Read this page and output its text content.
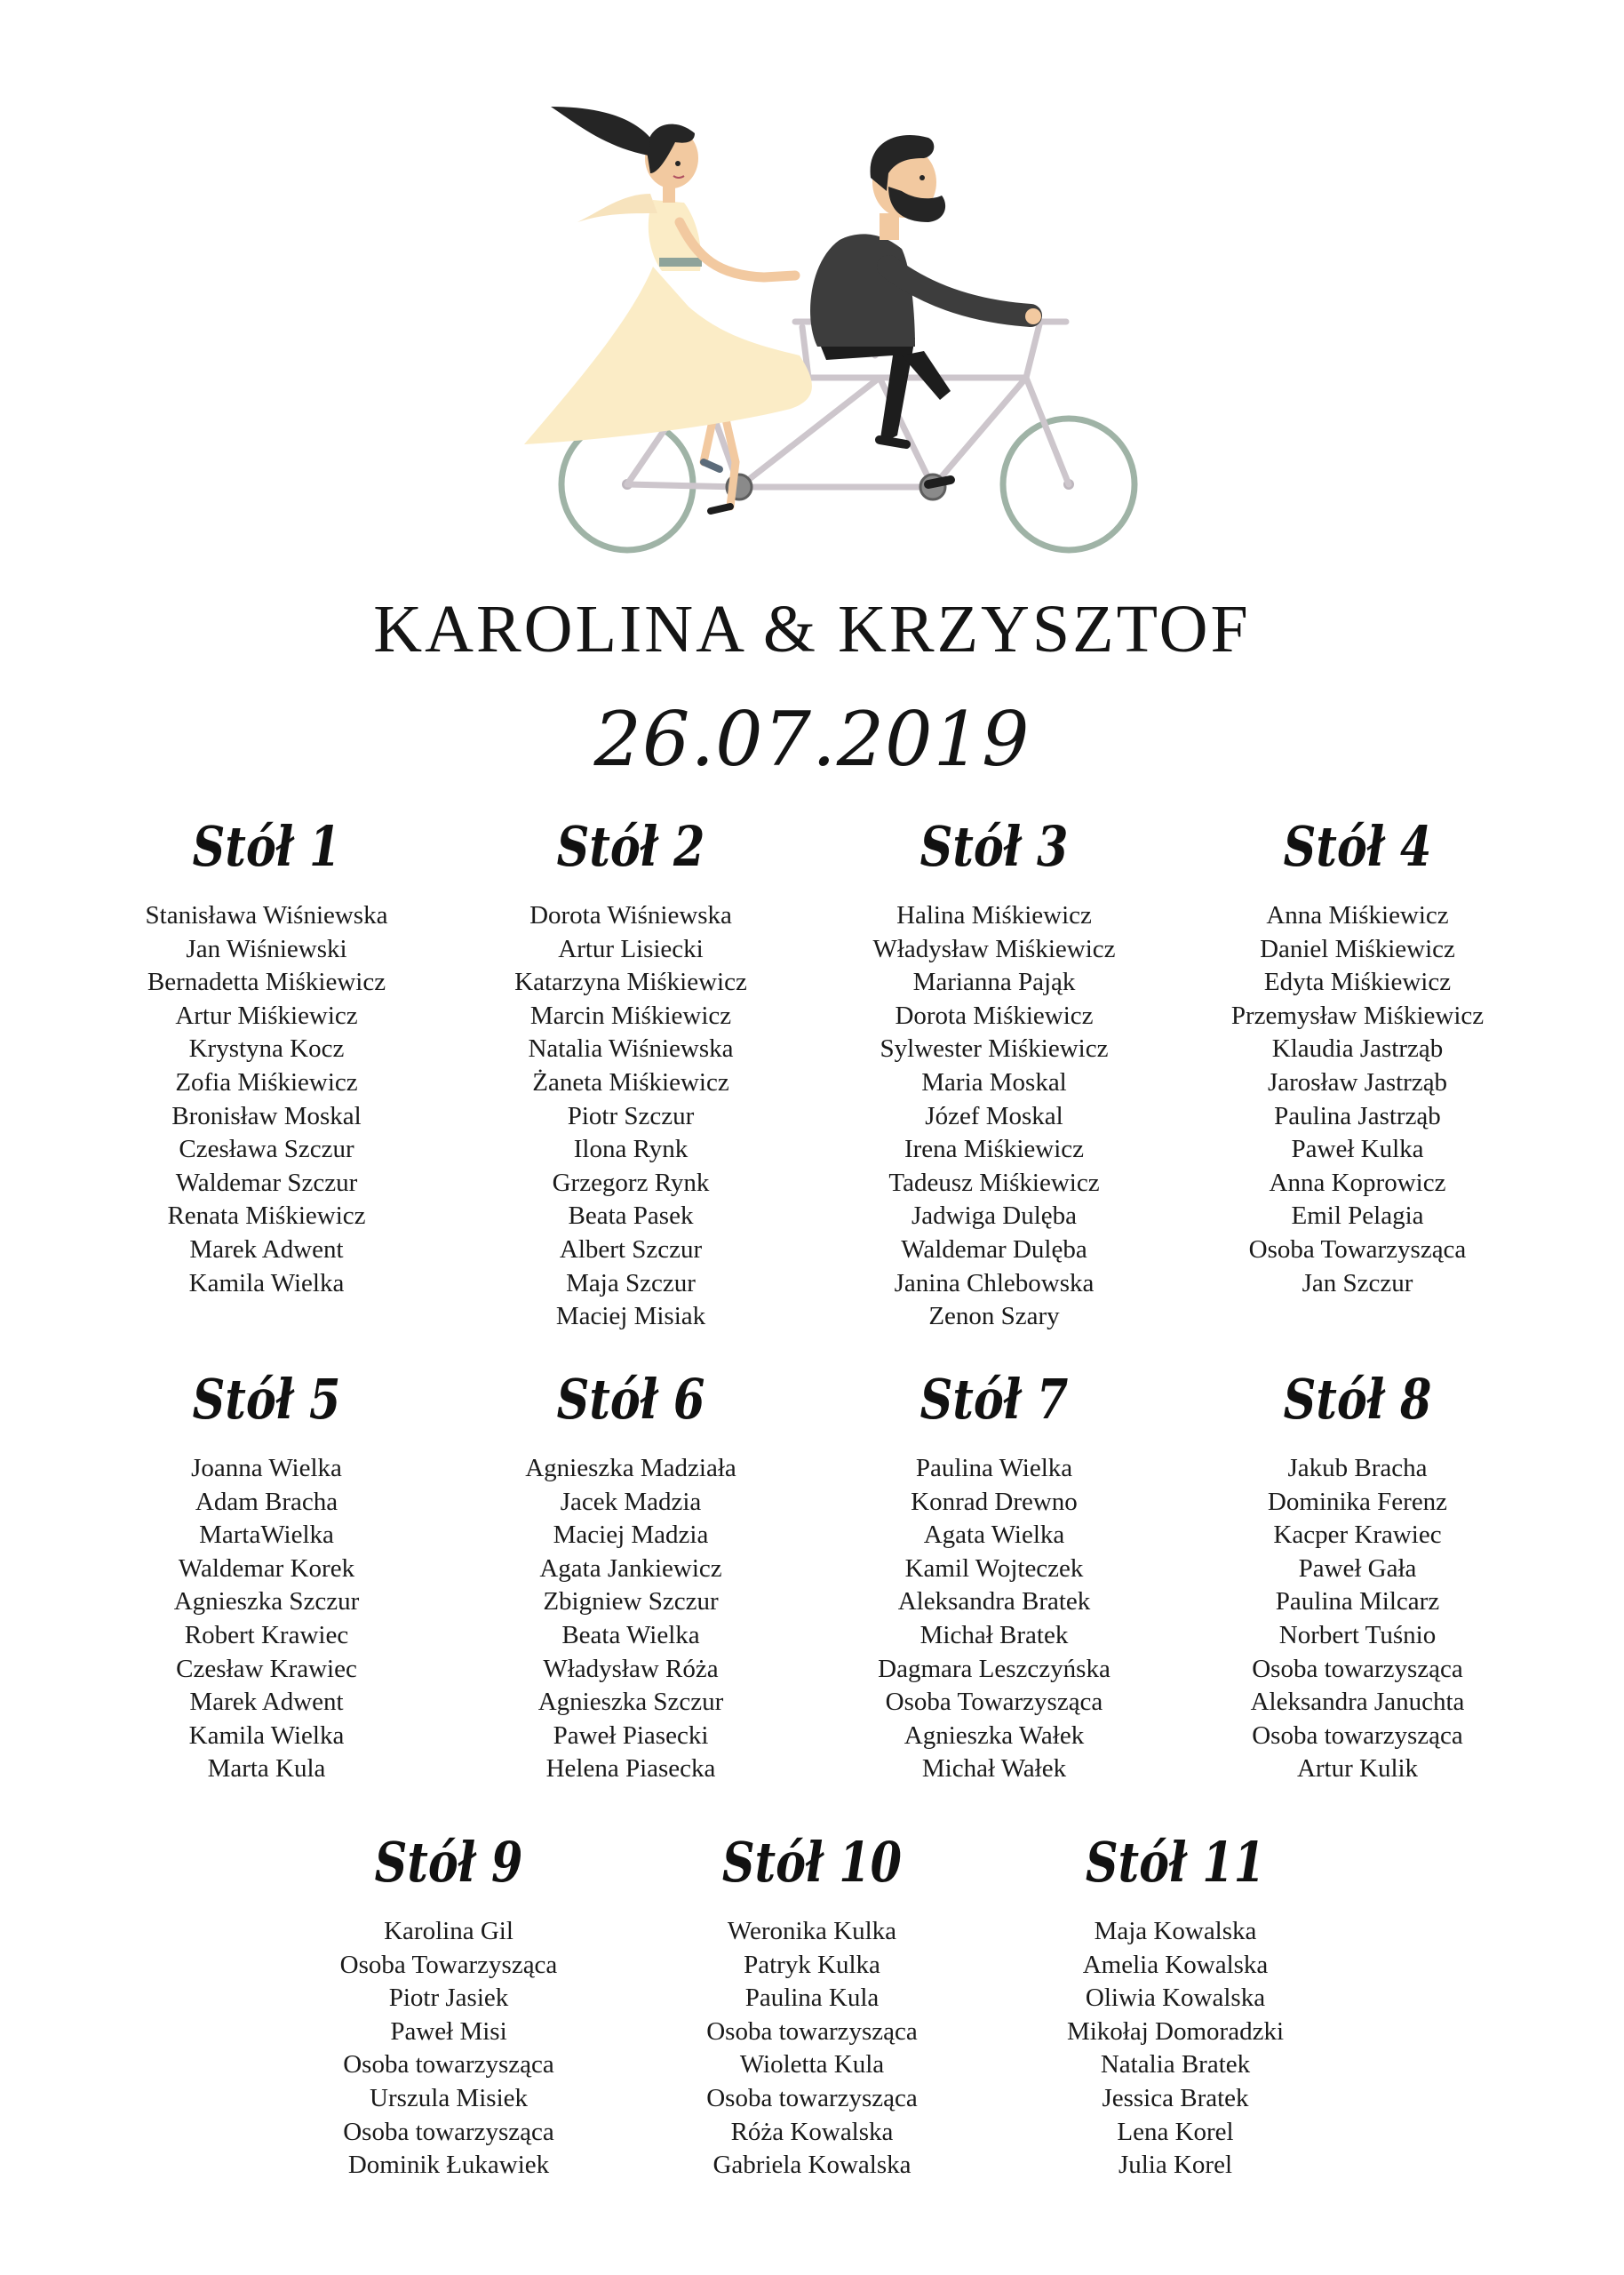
KAROLINA & KRZYSZTOF
26.07.2019
Stół 1
Stanisława Wiśniewska
Jan Wiśniewski
Bernadetta Miśkiewicz
Artur Miśkiewicz
Krystyna Kocz
Zofia Miśkiewicz
Bronisław Moskal
Czesława Szczur
Waldemar Szczur
Renata Miśkiewicz
Marek Adwent
Kamila Wielka
Stół 2
Dorota Wiśniewska
Artur Lisiecki
Katarzyna Miśkiewicz
Marcin Miśkiewicz
Natalia Wiśniewska
Żaneta Miśkiewicz
Piotr Szczur
Ilona Rynk
Grzegorz Rynk
Beata Pasek
Albert Szczur
Maja Szczur
Maciej Misiak
Stół 3
Halina Miśkiewicz
Władysław Miśkiewicz
Marianna Pająk
Dorota Miśkiewicz
Sylwester Miśkiewicz
Maria Moskal
Józef Moskal
Irena Miśkiewicz
Tadeusz Miśkiewicz
Jadwiga Dulęba
Waldemar Dulęba
Janina Chlebowska
Zenon Szary
Stół 4
Anna Miśkiewicz
Daniel Miśkiewicz
Edyta Miśkiewicz
Przemysław Miśkiewicz
Klaudia Jastrząb
Jarosław Jastrząb
Paulina Jastrząb
Paweł Kulka
Anna Koprowicz
Emil Pelagia
Osoba Towarzysząca
Jan Szczur
Stół 5
Joanna Wielka
Adam Bracha
MartaWielka
Waldemar Korek
Agnieszka Szczur
Robert Krawiec
Czesław Krawiec
Marek Adwent
Kamila Wielka
Marta Kula
Stół 6
Agnieszka Madziała
Jacek Madzia
Maciej Madzia
Agata Jankiewicz
Zbigniew Szczur
Beata Wielka
Władysław Róża
Agnieszka Szczur
Paweł Piasecki
Helena Piasecka
Stół 7
Paulina Wielka
Konrad Drewno
Agata Wielka
Kamil Wojteczek
Aleksandra Bratek
Michał Bratek
Dagmara Leszczyńska
Osoba Towarzysząca
Agnieszka Wałek
Michał Wałek
Stół 8
Jakub Bracha
Dominika Ferenz
Kacper Krawiec
Paweł Gała
Paulina Milcarz
Norbert Tuśnio
Osoba towarzysząca
Aleksandra Januchta
Osoba towarzysząca
Artur Kulik
Stół 9
Karolina Gil
Osoba Towarzysząca
Piotr Jasiek
Paweł Misi
Osoba towarzysząca
Urszula Misiek
Osoba towarzysząca
Dominik Łukawiek
Stół 10
Weronika Kulka
Patryk Kulka
Paulina Kula
Osoba towarzysząca
Wioletta Kula
Osoba towarzysząca
Róża Kowalska
Gabriela Kowalska
Stół 11
Maja Kowalska
Amelia Kowalska
Oliwia Kowalska
Mikołaj Domoradzki
Natalia Bratek
Jessica Bratek
Lena Korel
Julia Korel
